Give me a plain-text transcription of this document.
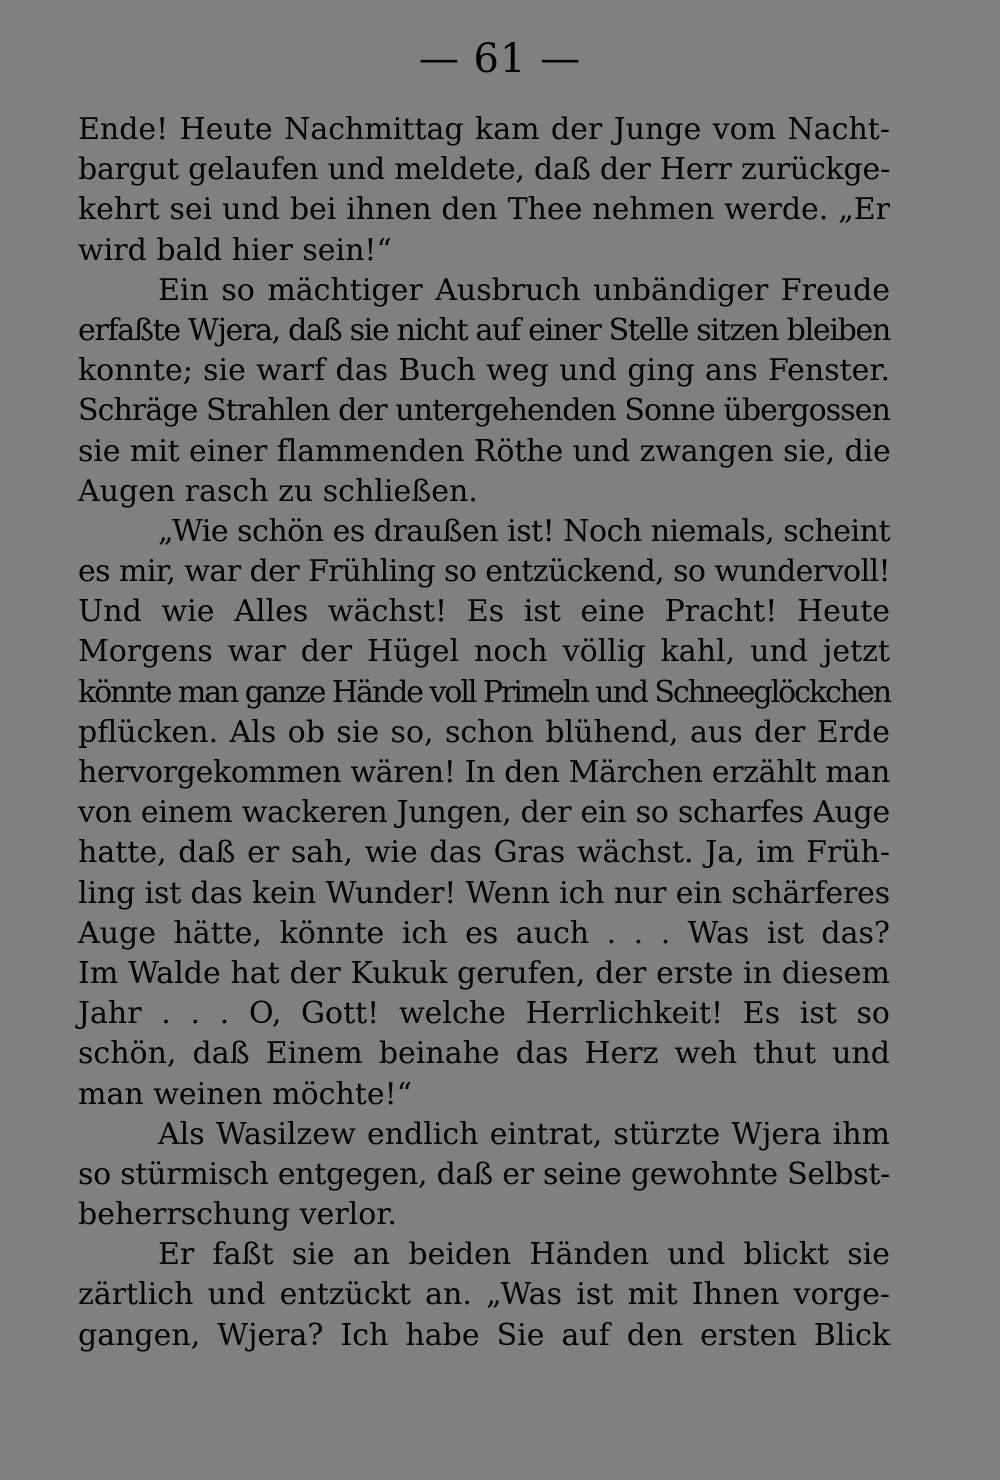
— 61 —
Ende! Heute Nachmittag kam der Junge vom Nacht-
bargut gelaufen und meldete, daß der Herr zurückge-
kehrt sei und bei ihnen den Thee nehmen werde. „Er
wird bald hier sein!“
Ein so mächtiger Ausbruch unbändiger Freude
erfaßte Wjera, daß sie nicht auf einer Stelle sitzen bleiben
konnte; sie warf das Buch weg und ging ans Fenster.
Schräge Strahlen der untergehenden Sonne übergossen
sie mit einer flammenden Röthe und zwangen sie, die
Augen rasch zu schließen.
„Wie schön es draußen ist! Noch niemals, scheint
es mir, war der Frühling so entzückend, so wundervoll!
Und wie Alles wächst! Es ist eine Pracht! Heute
Morgens war der Hügel noch völlig kahl, und jetzt
könnte man ganze Hände voll Primeln und Schneeglöckchen
pflücken. Als ob sie so, schon blühend, aus der Erde
hervorgekommen wären! In den Märchen erzählt man
von einem wackeren Jungen, der ein so scharfes Auge
hatte, daß er sah, wie das Gras wächst. Ja, im Früh-
ling ist das kein Wunder! Wenn ich nur ein schärferes
Auge hätte, könnte ich es auch . . . Was ist das?
Im Walde hat der Kukuk gerufen, der erste in diesem
Jahr . . . O, Gott! welche Herrlichkeit! Es ist so
schön, daß Einem beinahe das Herz weh thut und
man weinen möchte!“
Als Wasilzew endlich eintrat, stürzte Wjera ihm
so stürmisch entgegen, daß er seine gewohnte Selbst-
beherrschung verlor.
Er faßt sie an beiden Händen und blickt sie
zärtlich und entzückt an. „Was ist mit Ihnen vorge-
gangen, Wjera? Ich habe Sie auf den ersten Blick
